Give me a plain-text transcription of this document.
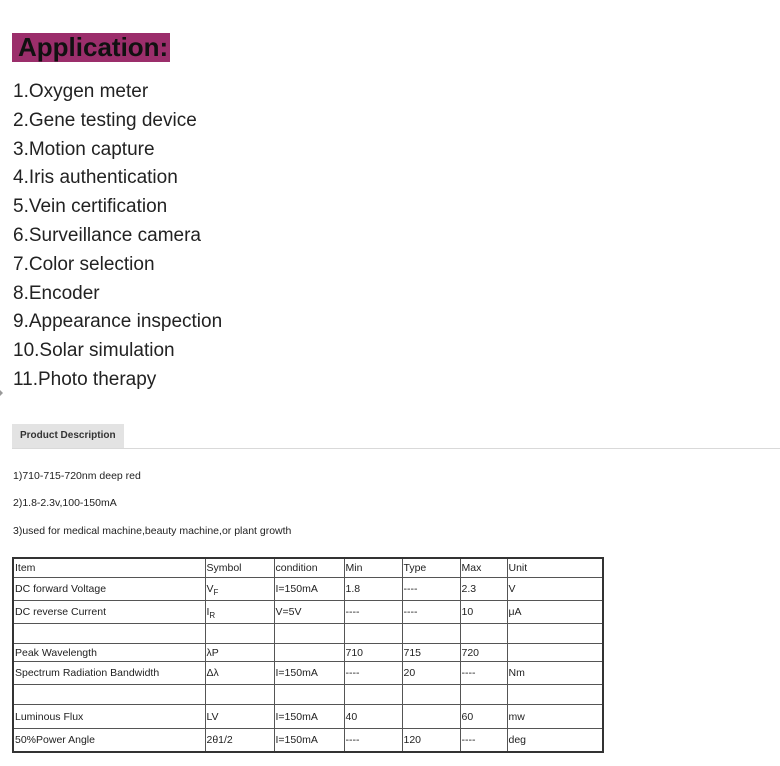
Application:
1.Oxygen meter
2.Gene testing device
3.Motion capture
4.Iris authentication
5.Vein certification
6.Surveillance camera
7.Color selection
8.Encoder
9.Appearance inspection
10.Solar simulation
11.Photo therapy
Product Description
1)710-715-720nm deep red
2)1.8-2.3v,100-150mA
3)used for medical machine,beauty machine,or plant growth
Item	Symbol	condition	Min	Type	Max	Unit
DC forward Voltage	$V_F$	I=150mA	1.8	----	2.3	V
DC reverse Current	$I_R$	V=5V	----	----	10	μA

Peak Wavelength	λP		710	715	720	
Spectrum Radiation Bandwidth	Δλ	I=150mA	----	20	----	Nm

Luminous Flux	LV	I=150mA	40		60	mw
50%Power Angle	2θ1/2	I=150mA	----	120	----	deg
